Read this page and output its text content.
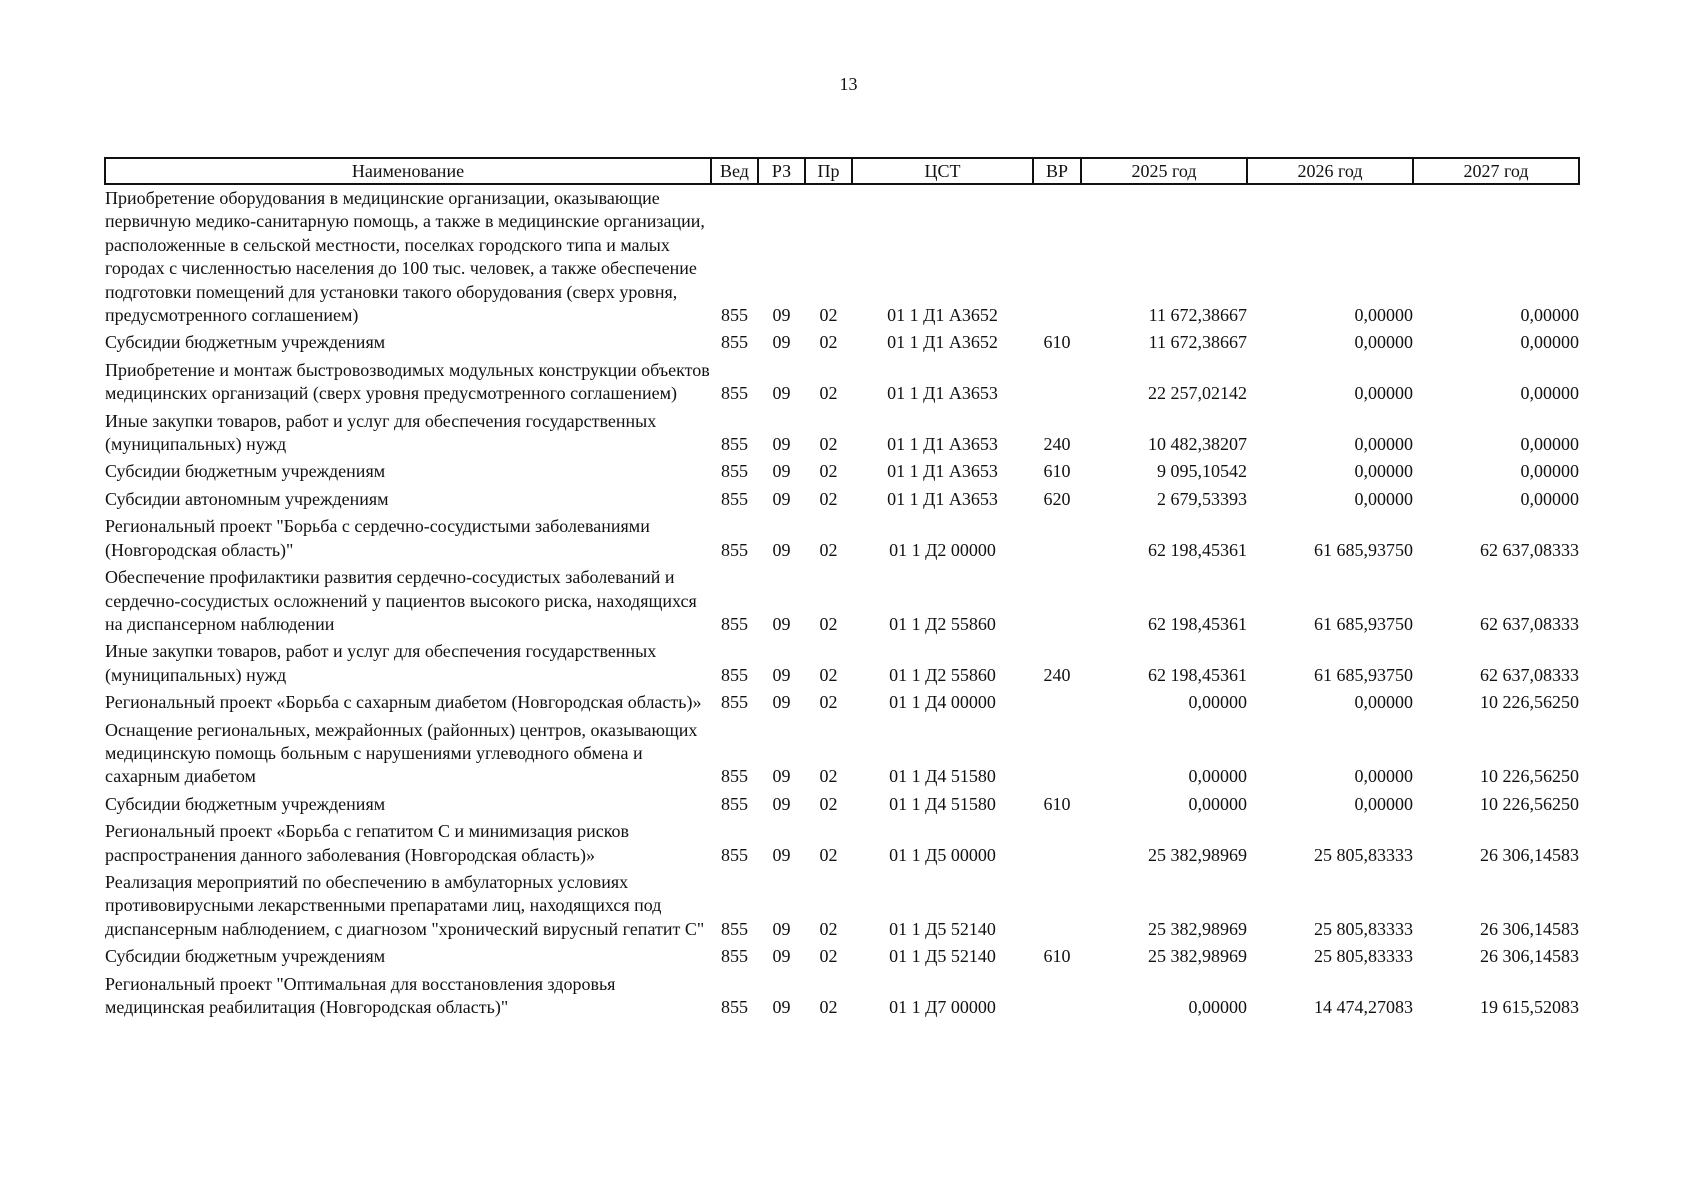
13
Наименование	Вед	РЗ	Пр	ЦСТ	ВР	2025 год	2026 год	2027 год
Приобретение оборудования в медицинские организации, оказывающие первичную медико-санитарную помощь, а также в медицинские организации, расположенные в сельской местности, поселках городского типа и малых городах с численностью населения до 100 тыс. человек, а также обеспечение подготовки помещений для установки такого оборудования (сверх уровня, предусмотренного соглашением)	855	09	02	01 1 Д1 А3652		11 672,38667	0,00000	0,00000
Субсидии бюджетным учреждениям	855	09	02	01 1 Д1 А3652	610	11 672,38667	0,00000	0,00000
Приобретение и монтаж быстровозводимых модульных конструкции объектов медицинских организаций (сверх уровня предусмотренного соглашением)	855	09	02	01 1 Д1 А3653		22 257,02142	0,00000	0,00000
Иные закупки товаров, работ и услуг для обеспечения государственных (муниципальных) нужд	855	09	02	01 1 Д1 А3653	240	10 482,38207	0,00000	0,00000
Субсидии бюджетным учреждениям	855	09	02	01 1 Д1 А3653	610	9 095,10542	0,00000	0,00000
Субсидии автономным учреждениям	855	09	02	01 1 Д1 А3653	620	2 679,53393	0,00000	0,00000
Региональный проект "Борьба с сердечно-сосудистыми заболеваниями (Новгородская область)"	855	09	02	01 1 Д2 00000		62 198,45361	61 685,93750	62 637,08333
Обеспечение профилактики развития сердечно-сосудистых заболеваний и сердечно-сосудистых осложнений у пациентов высокого риска, находящихся на диспансерном наблюдении	855	09	02	01 1 Д2 55860		62 198,45361	61 685,93750	62 637,08333
Иные закупки товаров, работ и услуг для обеспечения государственных (муниципальных) нужд	855	09	02	01 1 Д2 55860	240	62 198,45361	61 685,93750	62 637,08333
Региональный проект «Борьба с сахарным диабетом (Новгородская область)»	855	09	02	01 1 Д4 00000		0,00000	0,00000	10 226,56250
Оснащение региональных, межрайонных (районных) центров, оказывающих медицинскую помощь больным с нарушениями углеводного обмена и сахарным диабетом	855	09	02	01 1 Д4 51580		0,00000	0,00000	10 226,56250
Субсидии бюджетным учреждениям	855	09	02	01 1 Д4 51580	610	0,00000	0,00000	10 226,56250
Региональный проект «Борьба с гепатитом С и минимизация рисков распространения данного заболевания (Новгородская область)»	855	09	02	01 1 Д5 00000		25 382,98969	25 805,83333	26 306,14583
Реализация мероприятий по обеспечению в амбулаторных условиях противовирусными лекарственными препаратами лиц, находящихся под диспансерным наблюдением, с диагнозом "хронический вирусный гепатит С"	855	09	02	01 1 Д5 52140		25 382,98969	25 805,83333	26 306,14583
Субсидии бюджетным учреждениям	855	09	02	01 1 Д5 52140	610	25 382,98969	25 805,83333	26 306,14583
Региональный проект "Оптимальная для восстановления здоровья медицинская реабилитация (Новгородская область)"	855	09	02	01 1 Д7 00000		0,00000	14 474,27083	19 615,52083
